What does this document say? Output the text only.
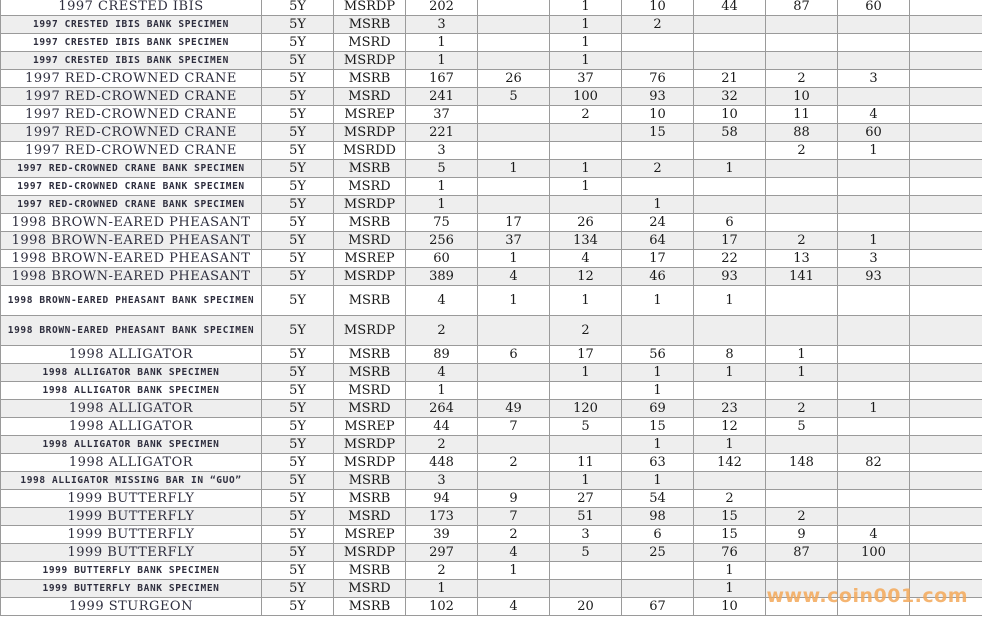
1997 CRESTED IBIS	5Y	MSRDP	202		1	10	44	87	60	
1997 CRESTED IBIS BANK SPECIMEN	5Y	MSRB	3		1	2				
1997 CRESTED IBIS BANK SPECIMEN	5Y	MSRD	1		1					
1997 CRESTED IBIS BANK SPECIMEN	5Y	MSRDP	1		1					
1997 RED-CROWNED CRANE	5Y	MSRB	167	26	37	76	21	2	3	
1997 RED-CROWNED CRANE	5Y	MSRD	241	5	100	93	32	10		
1997 RED-CROWNED CRANE	5Y	MSREP	37		2	10	10	11	4	
1997 RED-CROWNED CRANE	5Y	MSRDP	221			15	58	88	60	
1997 RED-CROWNED CRANE	5Y	MSRDD	3					2	1	
1997 RED-CROWNED CRANE BANK SPECIMEN	5Y	MSRB	5	1	1	2	1			
1997 RED-CROWNED CRANE BANK SPECIMEN	5Y	MSRD	1		1					
1997 RED-CROWNED CRANE BANK SPECIMEN	5Y	MSRDP	1			1				
1998 BROWN-EARED PHEASANT	5Y	MSRB	75	17	26	24	6			
1998 BROWN-EARED PHEASANT	5Y	MSRD	256	37	134	64	17	2	1	
1998 BROWN-EARED PHEASANT	5Y	MSREP	60	1	4	17	22	13	3	
1998 BROWN-EARED PHEASANT	5Y	MSRDP	389	4	12	46	93	141	93	
1998 BROWN-EARED PHEASANT BANK SPECIMEN	5Y	MSRB	4	1	1	1	1			
1998 BROWN-EARED PHEASANT BANK SPECIMEN	5Y	MSRDP	2		2					
1998 ALLIGATOR	5Y	MSRB	89	6	17	56	8	1		
1998 ALLIGATOR BANK SPECIMEN	5Y	MSRB	4		1	1	1	1		
1998 ALLIGATOR BANK SPECIMEN	5Y	MSRD	1			1				
1998 ALLIGATOR	5Y	MSRD	264	49	120	69	23	2	1	
1998 ALLIGATOR	5Y	MSREP	44	7	5	15	12	5		
1998 ALLIGATOR BANK SPECIMEN	5Y	MSRDP	2			1	1			
1998 ALLIGATOR	5Y	MSRDP	448	2	11	63	142	148	82	
1998 ALLIGATOR MISSING BAR IN “GUO”	5Y	MSRB	3		1	1				
1999 BUTTERFLY	5Y	MSRB	94	9	27	54	2			
1999 BUTTERFLY	5Y	MSRD	173	7	51	98	15	2		
1999 BUTTERFLY	5Y	MSREP	39	2	3	6	15	9	4	
1999 BUTTERFLY	5Y	MSRDP	297	4	5	25	76	87	100	
1999 BUTTERFLY BANK SPECIMEN	5Y	MSRB	2	1			1			
1999 BUTTERFLY BANK SPECIMEN	5Y	MSRD	1				1			
1999 STURGEON	5Y	MSRB	102	4	20	67	10			www.coin001.com
